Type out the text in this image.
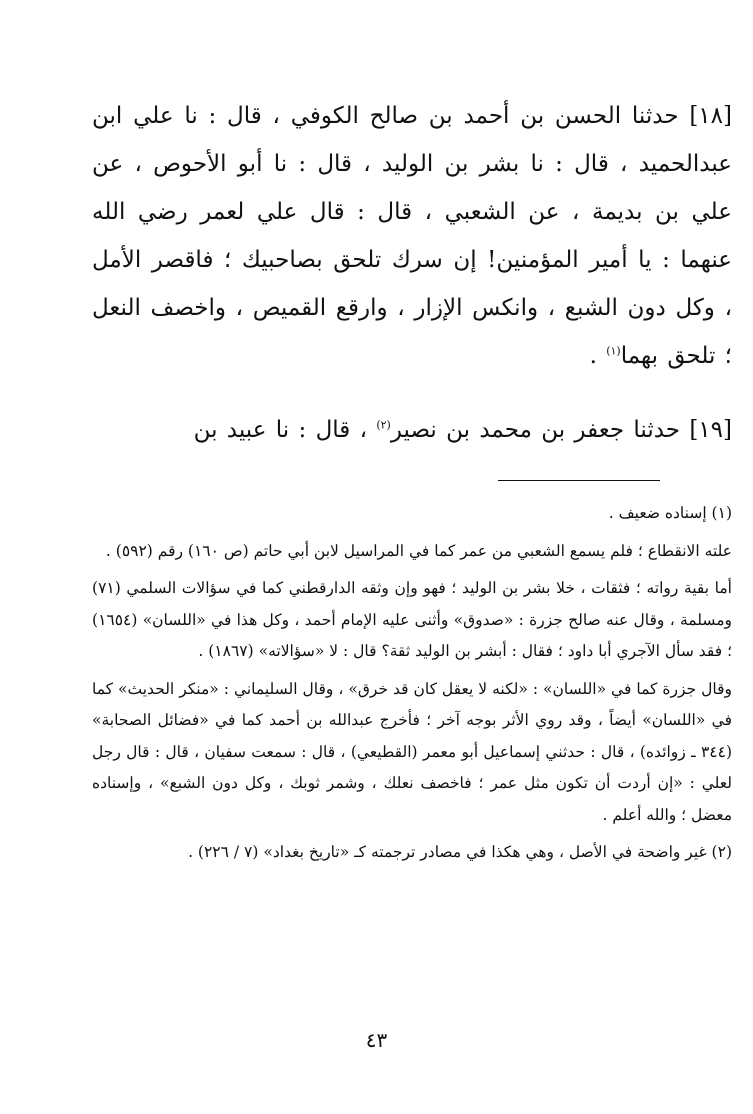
[١٨] حدثنا الحسن بن أحمد بن صالح الكوفي ، قال : نا علي ابن عبدالحميد ، قال : نا بشر بن الوليد ، قال : نا أبو الأحوص ، عن علي بن بديمة ، عن الشعبي ، قال : قال علي لعمر رضي الله عنهما : يا أمير المؤمنين! إن سرك تلحق بصاحبيك ؛ فاقصر الأمل ، وكل دون الشبع ، وانكس الإزار ، وارقع القميص ، واخصف النعل ؛ تلحق بهما$^{(١)}$ .

[١٩] حدثنا جعفر بن محمد بن نصير$^{(٢)}$ ، قال : نا عبيد بن

(١) إسناده ضعيف .

علته الانقطاع ؛ فلم يسمع الشعبي من عمر كما في المراسيل لابن أبي حاتم (ص ١٦٠) رقم (٥٩٢) .

أما بقية رواته ؛ فثقات ، خلا بشر بن الوليد ؛ فهو وإن وثقه الدارقطني كما في سؤالات السلمي (٧١) ومسلمة ، وقال عنه صالح جزرة : «صدوق» وأثنى عليه الإمام أحمد ، وكل هذا في «اللسان» (١٦٥٤) ؛ فقد سأل الآجري أبا داود ؛ فقال : أبشر بن الوليد ثقة؟ قال : لا «سؤالاته» (١٨٦٧) .

وقال جزرة كما في «اللسان» : «لكنه لا يعقل كان قد خرق» ، وقال السليماني : «منكر الحديث» كما في «اللسان» أيضاً ، وقد روي الأثر بوجه آخر ؛ فأخرج عبدالله بن أحمد كما في «فضائل الصحابة» (٣٤٤ ـ زوائده) ، قال : حدثني إسماعيل أبو معمر (القطيعي) ، قال : سمعت سفيان ، قال : قال رجل لعلي : «إن أردت أن تكون مثل عمر ؛ فاخصف نعلك ، وشمر ثوبك ، وكل دون الشبع» ، وإسناده معضل ؛ والله أعلم .

(٢) غير واضحة في الأصل ، وهي هكذا في مصادر ترجمته كـ «تاريخ بغداد» (٧ / ٢٢٦) .

٤٣
